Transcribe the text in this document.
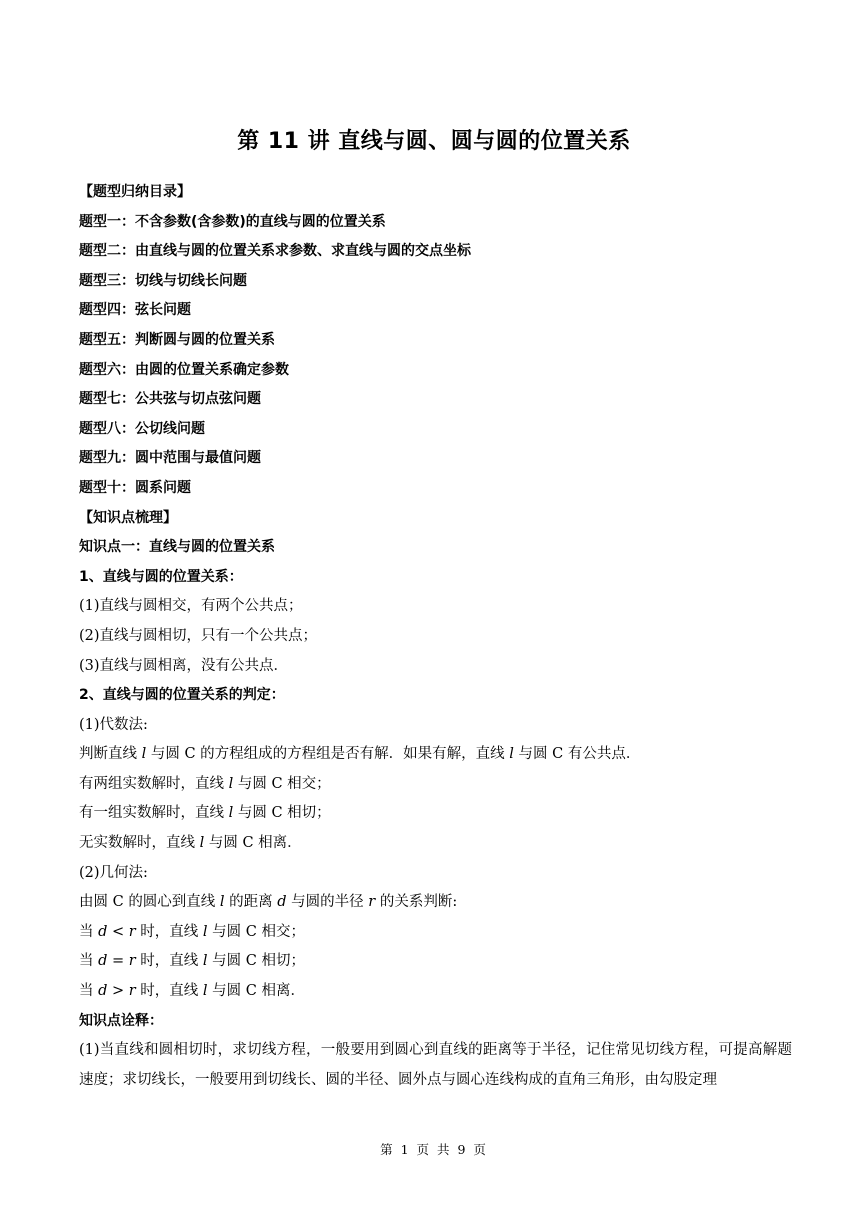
第 11 讲 直线与圆、圆与圆的位置关系
【题型归纳目录】
题型一：不含参数(含参数)的直线与圆的位置关系
题型二：由直线与圆的位置关系求参数、求直线与圆的交点坐标
题型三：切线与切线长问题
题型四：弦长问题
题型五：判断圆与圆的位置关系
题型六：由圆的位置关系确定参数
题型七：公共弦与切点弦问题
题型八：公切线问题
题型九：圆中范围与最值问题
题型十：圆系问题
【知识点梳理】
知识点一：直线与圆的位置关系
1、直线与圆的位置关系：
(1)直线与圆相交，有两个公共点；
(2)直线与圆相切，只有一个公共点；
(3)直线与圆相离，没有公共点．
2、直线与圆的位置关系的判定：
(1)代数法:
判断直线 l 与圆 C 的方程组成的方程组是否有解．如果有解，直线 l 与圆 C 有公共点．
有两组实数解时，直线 l 与圆 C 相交；
有一组实数解时，直线 l 与圆 C 相切；
无实数解时，直线 l 与圆 C 相离．
(2)几何法:
由圆 C 的圆心到直线 l 的距离 d 与圆的半径 r 的关系判断:
当 d < r 时，直线 l 与圆 C 相交；
当 d = r 时，直线 l 与圆 C 相切；
当 d > r 时，直线 l 与圆 C 相离．
知识点诠释：
(1)当直线和圆相切时，求切线方程，一般要用到圆心到直线的距离等于半径，记住常见切线方程，可提高解题速度；求切线长，一般要用到切线长、圆的半径、圆外点与圆心连线构成的直角三角形，由勾股定理
第 1 页 共 9 页
